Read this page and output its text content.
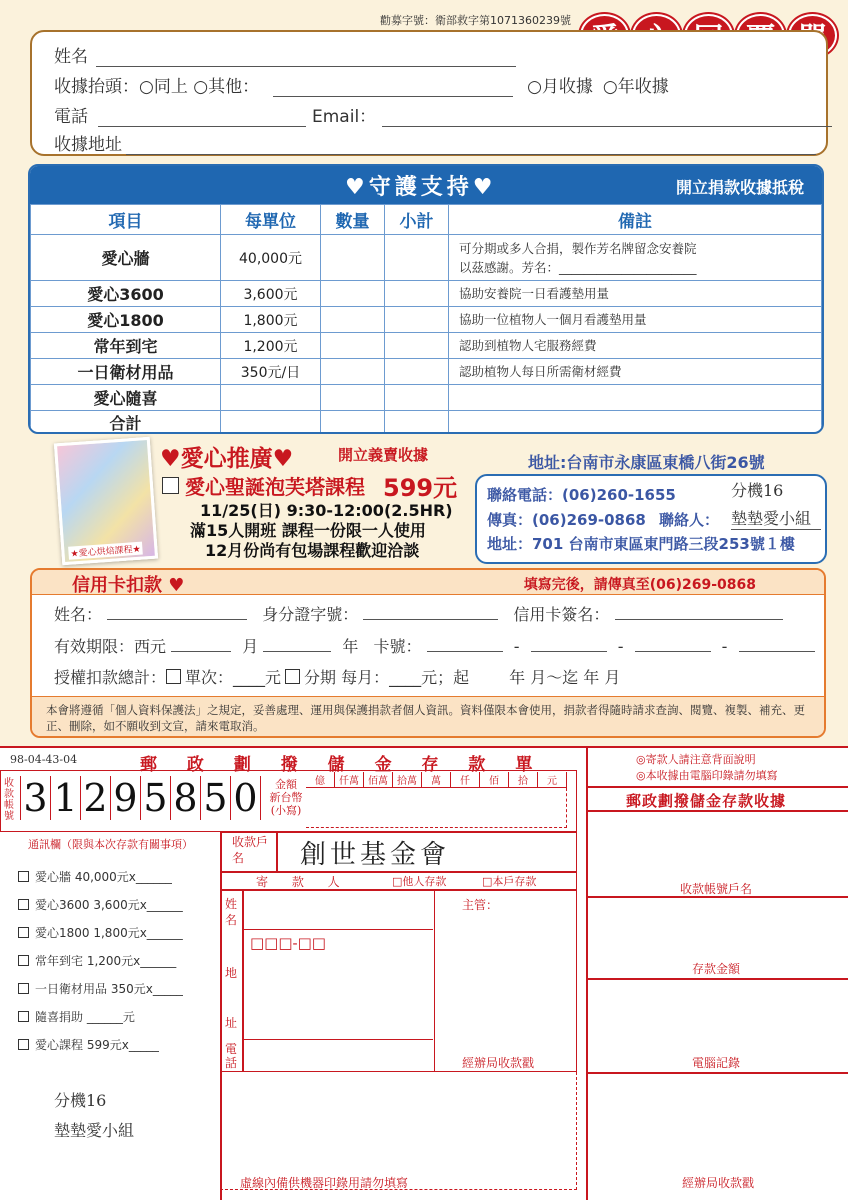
勸募字號：衛部救字第1071360239號
姓名
收據抬頭：○同上 ○其他：	○月收據 ○年收據
電話	Email：
收據地址
♥守護支持♥	開立捐款收據抵稅
項目	每單位	數量	小計	備註
愛心牆	40,000元			可分期或多人合捐，製作芳名牌留念安養院
以茲感謝。芳名：______________________

愛心3600	3,600元			協助安養院一日看護墊用量
愛心1800	1,800元			協助一位植物人一個月看護墊用量
常年到宅	1,200元			認助到植物人宅服務經費
一日衛材用品	350元/日			認助植物人每日所需衛材經費
愛心隨喜				
合計				
★愛心烘焙課程★
♥愛心推廣♥	開立義賣收據
愛心聖誕泡芙塔課程 599元
11/25(日) 9:30-12:00(2.5HR)
滿15人開班 課程一份限一人使用
12月份尚有包場課程歡迎洽談
地址:台南市永康區東橋八街26號
聯絡電話：(06)260-1655	分機16
傳真：(06)269-0868 聯絡人： 墊墊愛小組
地址：701 台南市東區東門路三段253號１樓
信用卡扣款 ♥	填寫完後，請傳真至(06)269-0868
姓名：	身分證字號：	信用卡簽名：
有效期限：西元	月	年 卡號：	-	-	-
授權扣款總計： 單次：____元 分期 每月：____元；起	年 月～迄 年 月
本會將遵循「個人資料保護法」之規定，妥善處理、運用與保護捐款者個人資訊。資料僅限本會使用，捐款者得隨時請求查詢、閱覽、複製、補充、更正、刪除，如不願收到文宣，請來電取消。
98-04-43-04	郵 政 劃 撥 儲 金 存 款 單	◎寄款人請注意背面說明
◎本收據由電腦印錄請勿填寫
郵政劃撥儲金存款收據
收款帳號 3 1 2 9 5 8 5 0	金額
新台幣(小寫)
億	仟萬 佰萬 拾萬	萬	仟	佰	拾	元
通訊欄（限與本次存款有關事項）
愛心牆 40,000元x______
愛心3600 3,600元x______
愛心1800 1,800元x______
常年到宅 1,200元x______
一日衛材用品 350元x_____
隨喜捐助 ______元
愛心課程 599元x_____
收款戶名	創世基金會
寄 款 人	□他人存款	□本戶存款
姓名
地址
□□□-□□
電話
主管：
經辦局收款戳
虛線內備供機器印錄用請勿填寫
收款帳號戶名
存款金額
電腦記錄
經辦局收款戳
分機16
墊墊愛小組
